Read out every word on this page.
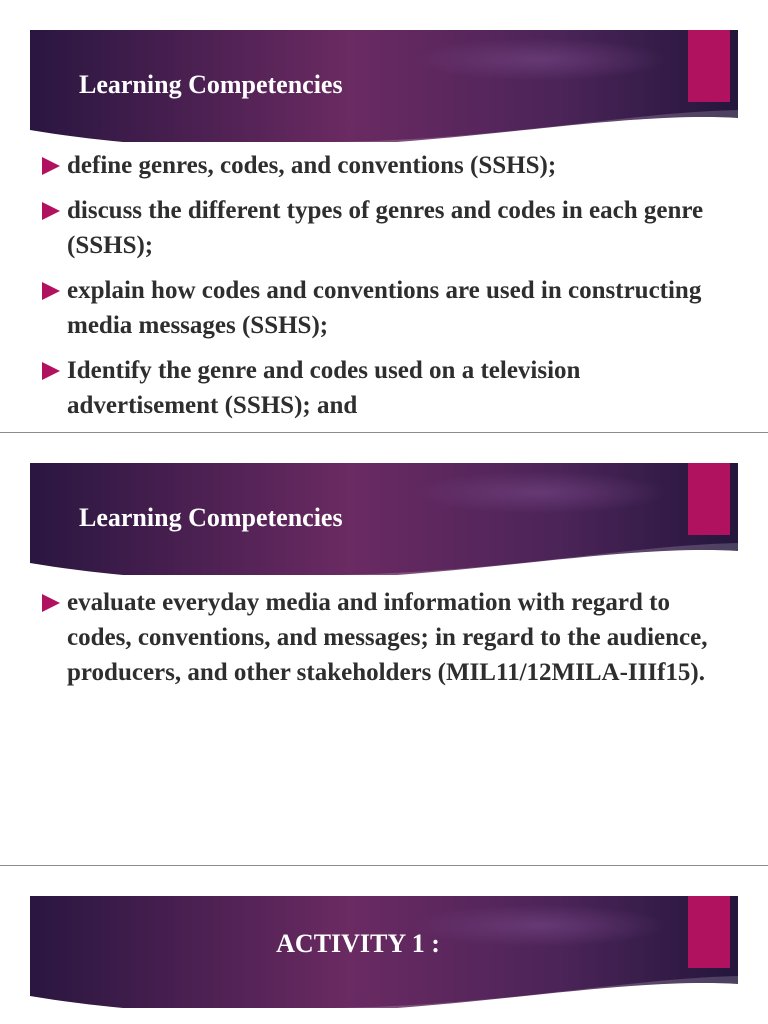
Learning Competencies
define genres, codes, and conventions (SSHS);
discuss the different types of genres and codes in each genre (SSHS);
explain how codes and conventions are used in constructing media messages (SSHS);
Identify the genre and codes used on a television advertisement (SSHS); and
Learning Competencies
evaluate everyday media and information with regard to codes, conventions, and messages; in regard to the audience, producers, and other stakeholders (MIL11/12MILA-IIIf15).
ACTIVITY 1 :
